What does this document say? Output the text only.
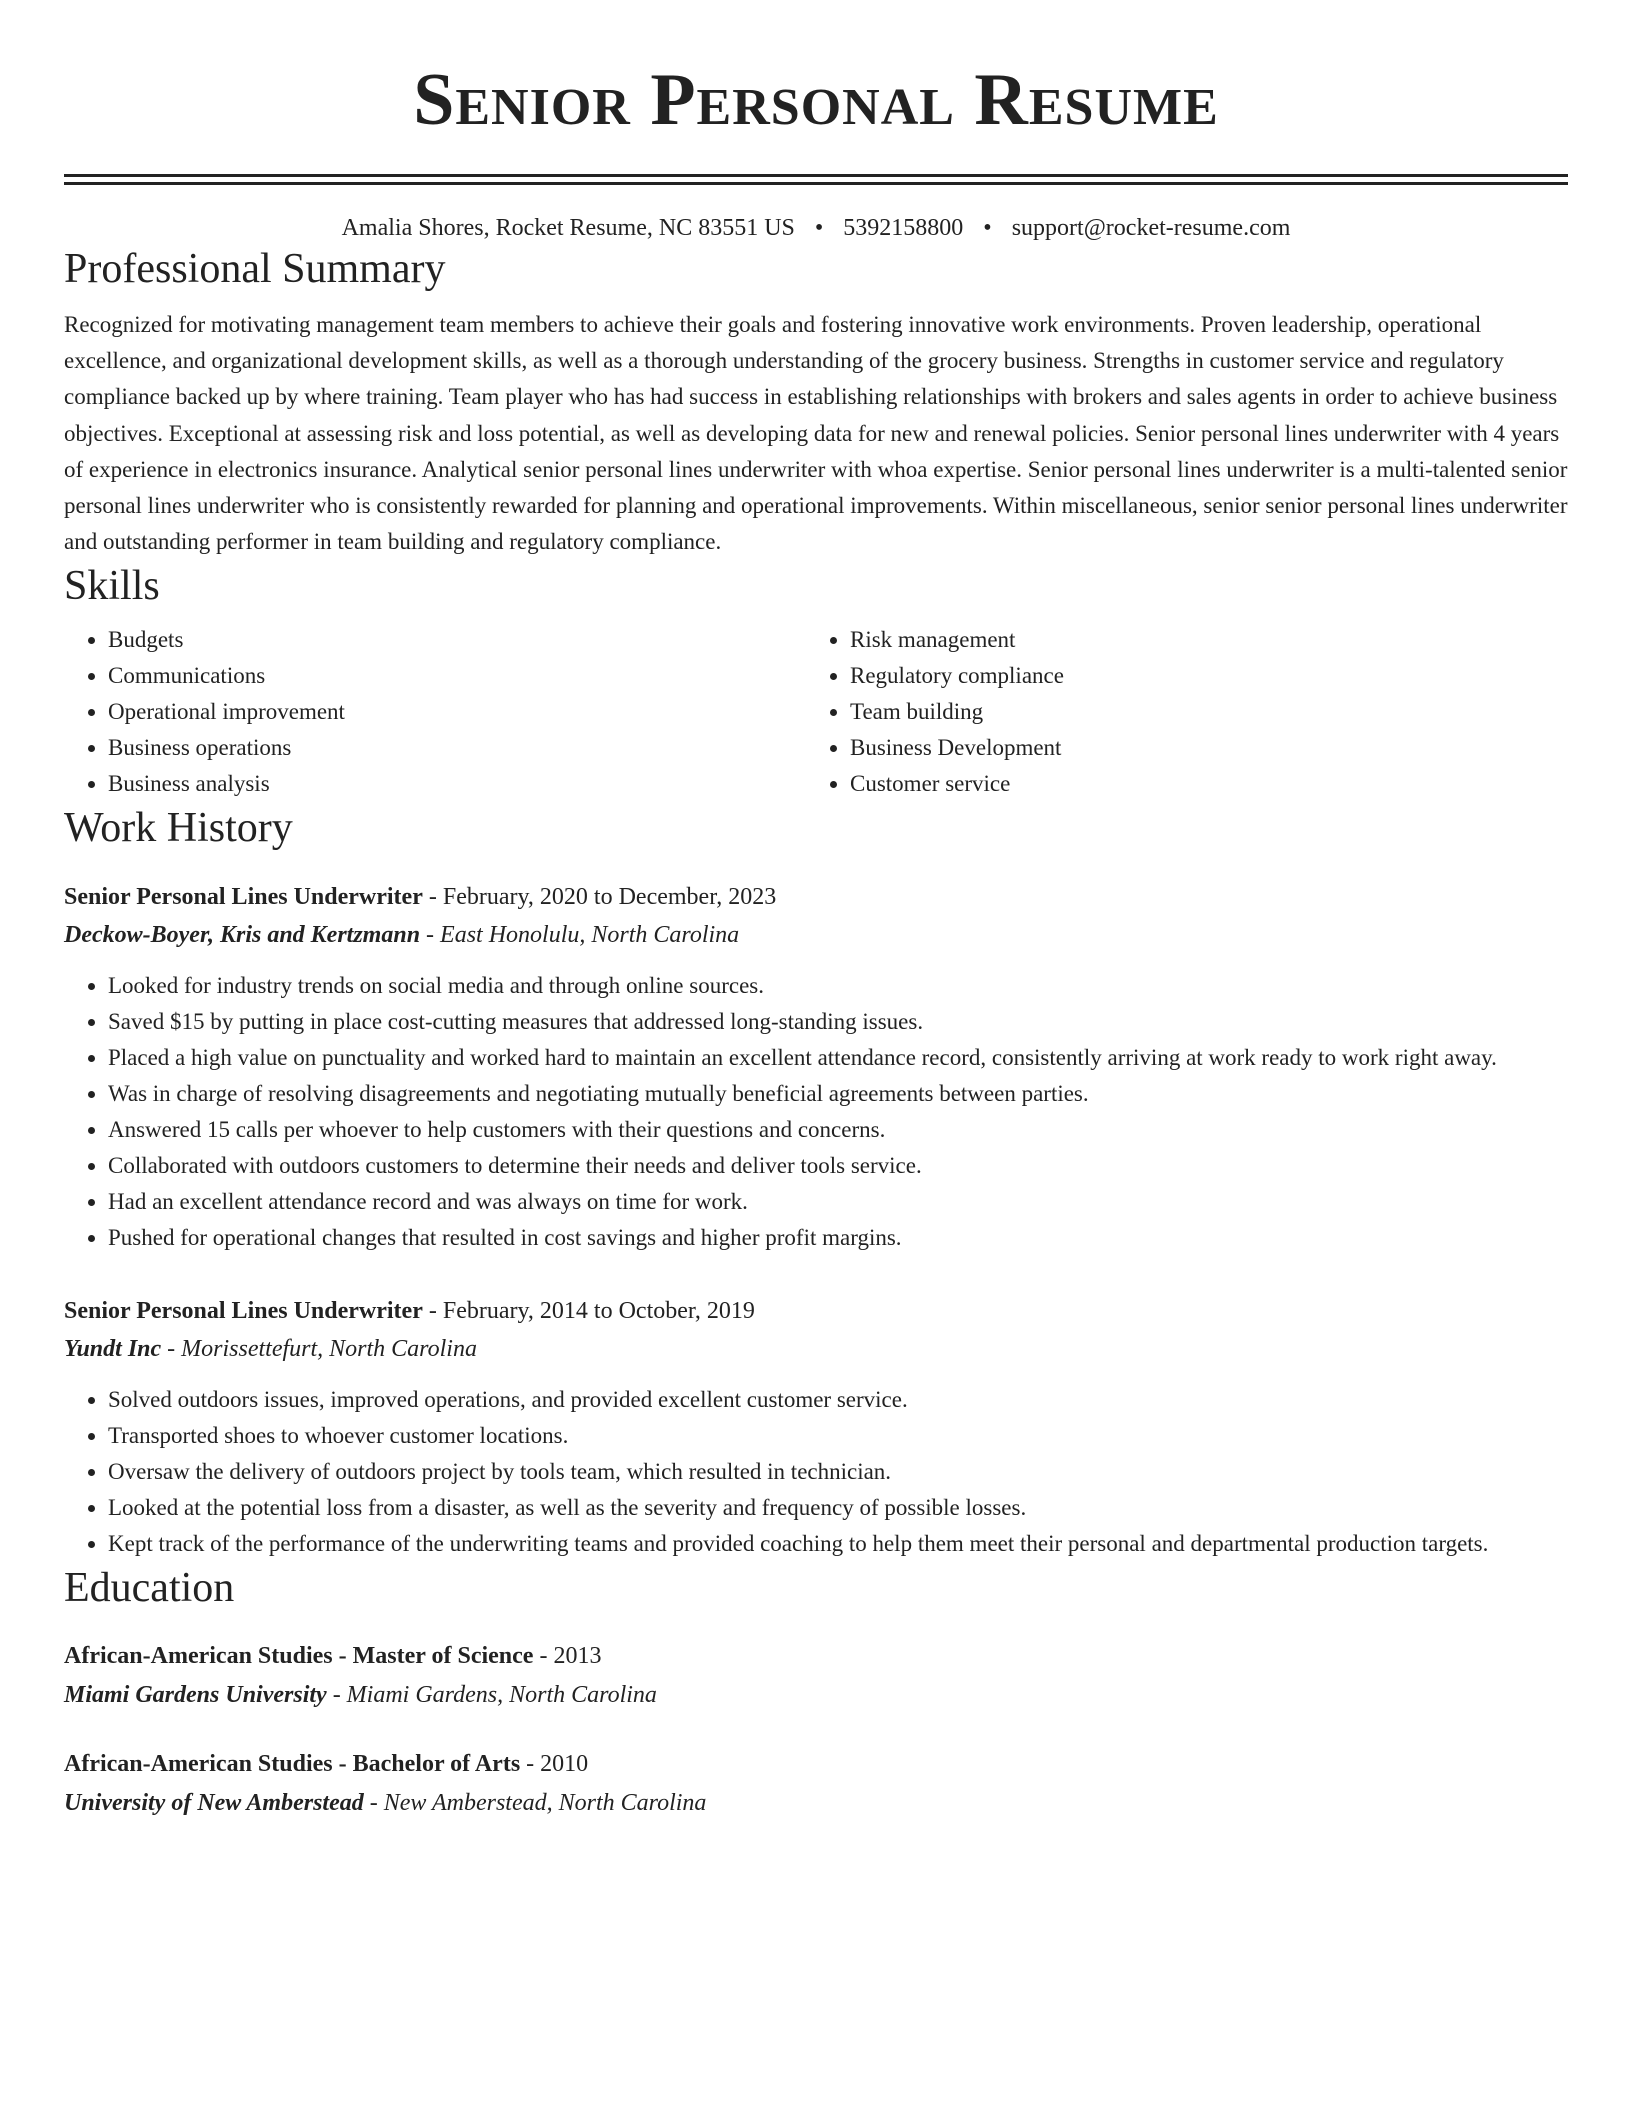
Senior Personal Resume
Amalia Shores, Rocket Resume, NC 83551 US • 5392158800 • support@rocket-resume.com
Professional Summary

Recognized for motivating management team members to achieve their goals and fostering innovative work environments. Proven leadership, operational excellence, and organizational development skills, as well as a thorough understanding of the grocery business. Strengths in customer service and regulatory compliance backed up by where training. Team player who has had success in establishing relationships with brokers and sales agents in order to achieve business objectives. Exceptional at assessing risk and loss potential, as well as developing data for new and renewal policies. Senior personal lines underwriter with 4 years of experience in electronics insurance. Analytical senior personal lines underwriter with whoa expertise. Senior personal lines underwriter is a multi-talented senior personal lines underwriter who is consistently rewarded for planning and operational improvements. Within miscellaneous, senior senior personal lines underwriter and outstanding performer in team building and regulatory compliance.

Skills
• Budgets
• Communications
• Operational improvement
• Business operations
• Business analysis
• Risk management
• Regulatory compliance
• Team building
• Business Development
• Customer service
Work History
Senior Personal Lines Underwriter - February, 2020 to December, 2023
Deckow-Boyer, Kris and Kertzmann - East Honolulu, North Carolina
• Looked for industry trends on social media and through online sources.
• Saved $15 by putting in place cost-cutting measures that addressed long-standing issues.
• Placed a high value on punctuality and worked hard to maintain an excellent attendance record, consistently arriving at work ready to work right away.
• Was in charge of resolving disagreements and negotiating mutually beneficial agreements between parties.
• Answered 15 calls per whoever to help customers with their questions and concerns.
• Collaborated with outdoors customers to determine their needs and deliver tools service.
• Had an excellent attendance record and was always on time for work.
• Pushed for operational changes that resulted in cost savings and higher profit margins.
Senior Personal Lines Underwriter - February, 2014 to October, 2019
Yundt Inc - Morissettefurt, North Carolina
• Solved outdoors issues, improved operations, and provided excellent customer service.
• Transported shoes to whoever customer locations.
• Oversaw the delivery of outdoors project by tools team, which resulted in technician.
• Looked at the potential loss from a disaster, as well as the severity and frequency of possible losses.
• Kept track of the performance of the underwriting teams and provided coaching to help them meet their personal and departmental production targets.
Education
African-American Studies - Master of Science - 2013
Miami Gardens University - Miami Gardens, North Carolina
African-American Studies - Bachelor of Arts - 2010
University of New Amberstead - New Amberstead, North Carolina
